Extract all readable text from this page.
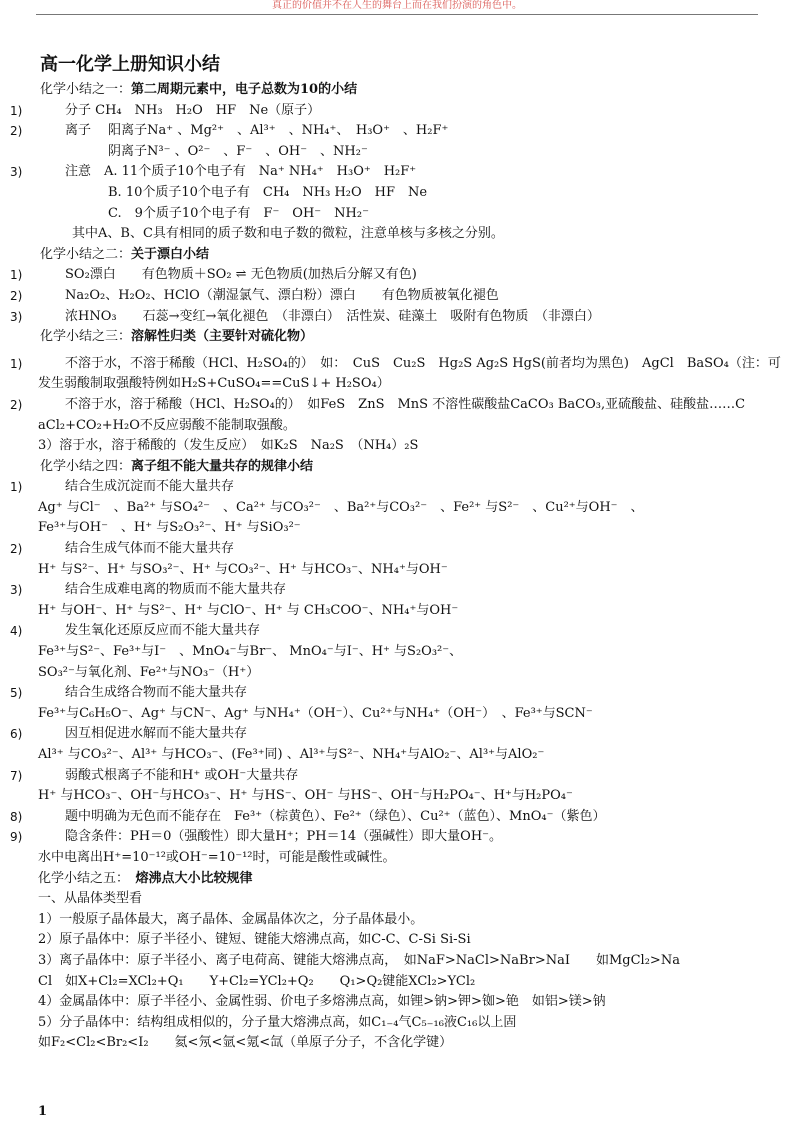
真正的价值并不在人生的舞台上而在我们扮演的角色中。
高一化学上册知识小结
化学小结之一：第二周期元素中，电子总数为10的小结
1)	分子 CH₄　NH₃　H₂O　HF　Ne（原子）
2)	离子　 阳离子Na⁺ 、Mg²⁺　、Al³⁺　、NH₄⁺、　H₃O⁺　、H₂F⁺
阴离子N³⁻ 、O²⁻　、F⁻　、OH⁻　、NH₂⁻
3)	注意　A. 11个质子10个电子有　Na⁺ NH₄⁺　H₃O⁺　H₂F⁺
B. 10个质子10个电子有　CH₄　NH₃ H₂O　HF　Ne
C.　9个质子10个电子有　F⁻　OH⁻　NH₂⁻
其中A、B、C具有相同的质子数和电子数的微粒，注意单核与多核之分别。
化学小结之二：关于漂白小结
1)	SO₂漂白　　有色物质＋SO₂ ⇌ 无色物质(加热后分解又有色)
2)	Na₂O₂、H₂O₂、HClO（潮湿氯气、漂白粉）漂白　　有色物质被氧化褪色
3)	浓HNO₃　　石蕊→变红→氧化褪色　（非漂白）　活性炭、硅藻土　吸附有色物质　（非漂白）
化学小结之三：溶解性归类（主要针对硫化物）
1)	不溶于水，不溶于稀酸（HCl、H₂SO₄的）　如：　CuS　Cu₂S　Hg₂S Ag₂S HgS(前者均为黑色)　AgCl　BaSO₄（注：可
发生弱酸制取强酸特例如H₂S+CuSO₄==CuS↓+ H₂SO₄）
2)	不溶于水，溶于稀酸（HCl、H₂SO₄的）　如FeS　ZnS　MnS 不溶性碳酸盐CaCO₃ BaCO₃,亚硫酸盐、硅酸盐……C
aCl₂+CO₂+H₂O不反应弱酸不能制取强酸。
3）溶于水，溶于稀酸的（发生反应）　如K₂S　Na₂S　（NH₄）₂S
化学小结之四：离子组不能大量共存的规律小结
1)	结合生成沉淀而不能大量共存
Ag⁺ 与Cl⁻　、Ba²⁺ 与SO₄²⁻　、Ca²⁺ 与CO₃²⁻　、Ba²⁺与CO₃²⁻　、Fe²⁺ 与S²⁻　、Cu²⁺与OH⁻　、
Fe³⁺与OH⁻　、H⁺ 与S₂O₃²⁻、H⁺ 与SiO₃²⁻
2)	结合生成气体而不能大量共存
H⁺ 与S²⁻、H⁺ 与SO₃²⁻、H⁺ 与CO₃²⁻、H⁺ 与HCO₃⁻、NH₄⁺与OH⁻
3)	结合生成难电离的物质而不能大量共存
H⁺ 与OH⁻、H⁺ 与S²⁻、H⁺ 与ClO⁻、H⁺ 与 CH₃COO⁻、NH₄⁺与OH⁻
4)	发生氧化还原反应而不能大量共存
Fe³⁺与S²⁻、Fe³⁺与I⁻　、MnO₄⁻与Br⁻、 MnO₄⁻与I⁻、H⁺ 与S₂O₃²⁻、
SO₃²⁻与氧化剂、Fe²⁺与NO₃⁻（H⁺）
5)	结合生成络合物而不能大量共存
Fe³⁺与C₆H₅O⁻、Ag⁺ 与CN⁻、Ag⁺ 与NH₄⁺（OH⁻）、Cu²⁺与NH₄⁺（OH⁻）　、Fe³⁺与SCN⁻
6)	因互相促进水解而不能大量共存
Al³⁺ 与CO₃²⁻、Al³⁺ 与HCO₃⁻、(Fe³⁺同) 、Al³⁺与S²⁻、NH₄⁺与AlO₂⁻、Al³⁺与AlO₂⁻
7)	弱酸式根离子不能和H⁺ 或OH⁻大量共存
H⁺ 与HCO₃⁻、OH⁻与HCO₃⁻、H⁺ 与HS⁻、OH⁻ 与HS⁻、OH⁻与H₂PO₄⁻、H⁺与H₂PO₄⁻
8)	题中明确为无色而不能存在　Fe³⁺（棕黄色）、Fe²⁺（绿色）、Cu²⁺（蓝色）、MnO₄⁻（紫色）
9)	隐含条件：PH＝0（强酸性）即大量H⁺；PH＝14（强碱性）即大量OH⁻。
水中电离出H⁺=10⁻¹²或OH⁻=10⁻¹²时，可能是酸性或碱性。
化学小结之五：　熔沸点大小比较规律
一、从晶体类型看
1）一般原子晶体最大，离子晶体、金属晶体次之，分子晶体最小。
2）原子晶体中：原子半径小、键短、键能大熔沸点高，如C-C、C-Si Si-Si
3）离子晶体中：原子半径小、离子电荷高、键能大熔沸点高，　如NaF>NaCl>NaBr>NaI　　如MgCl₂>Na
Cl　如X+Cl₂=XCl₂+Q₁　　Y+Cl₂=YCl₂+Q₂　　Q₁>Q₂键能XCl₂>YCl₂
4）金属晶体中：原子半径小、金属性弱、价电子多熔沸点高，如锂>钠>钾>铷>铯　如铝>镁>钠
5）分子晶体中：结构组成相似的，分子量大熔沸点高，如C₁₋₄气C₅₋₁₆液C₁₆以上固
如F₂<Cl₂<Br₂<I₂　　氦<氖<氩<氪<氙（单原子分子，不含化学键）
1
